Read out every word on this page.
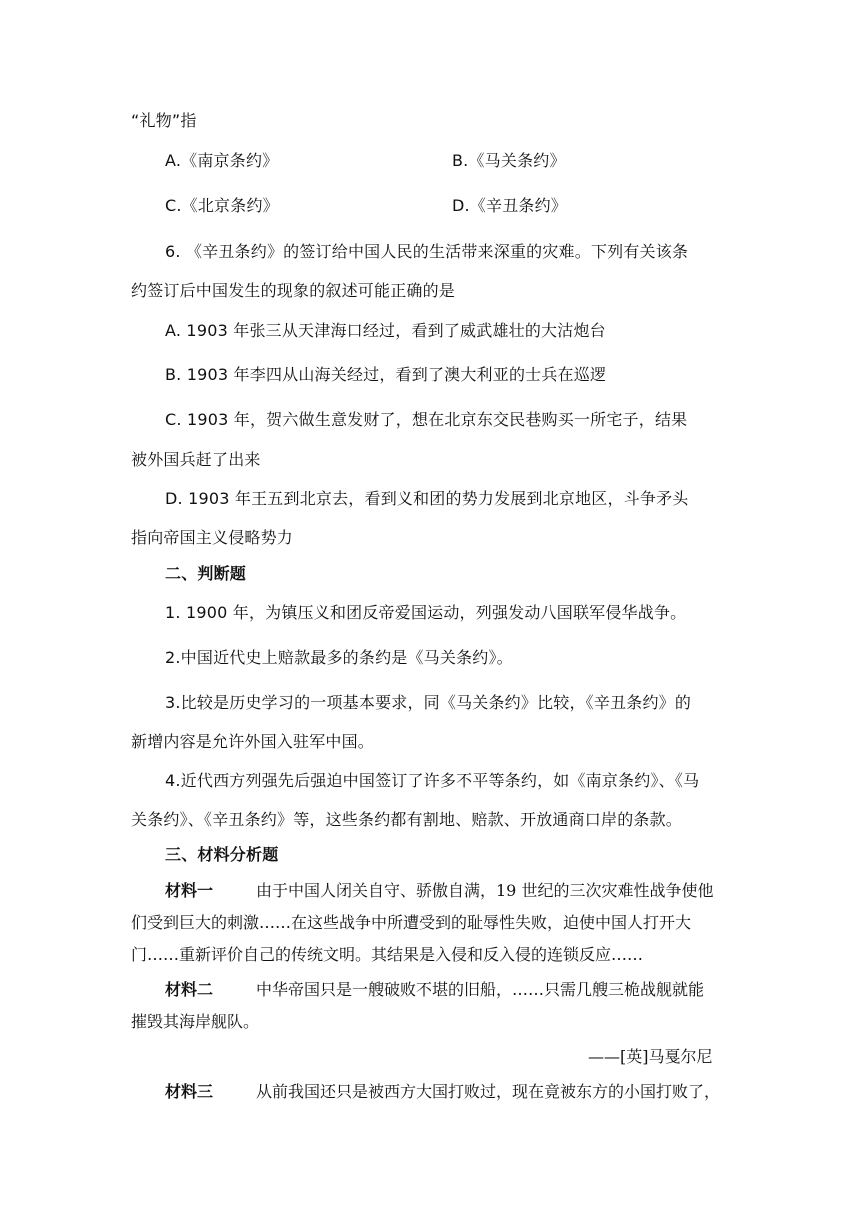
“礼物”指
A.《南京条约》	B.《马关条约》
C.《北京条约》	D.《辛丑条约》
6. 《辛丑条约》的签订给中国人民的生活带来深重的灾难。下列有关该条
约签订后中国发生的现象的叙述可能正确的是
A. 1903 年张三从天津海口经过，看到了威武雄壮的大沽炮台
B. 1903 年李四从山海关经过，看到了澳大利亚的士兵在巡逻
C. 1903 年，贺六做生意发财了，想在北京东交民巷购买一所宅子，结果
被外国兵赶了出来
D. 1903 年王五到北京去，看到义和团的势力发展到北京地区，斗争矛头
指向帝国主义侵略势力
二、判断题
1. 1900 年，为镇压义和团反帝爱国运动，列强发动八国联军侵华战争。
2.中国近代史上赔款最多的条约是《马关条约》。
3.比较是历史学习的一项基本要求，同《马关条约》比较，《辛丑条约》的
新增内容是允许外国入驻军中国。
4.近代西方列强先后强迫中国签订了许多不平等条约，如《南京条约》、《马
关条约》、《辛丑条约》等，这些条约都有割地、赔款、开放通商口岸的条款。
三、材料分析题
材料一	由于中国人闭关自守、骄傲自满，19 世纪的三次灾难性战争使他
们受到巨大的刺激……在这些战争中所遭受到的耻辱性失败，迫使中国人打开大
门……重新评价自己的传统文明。其结果是入侵和反入侵的连锁反应……
材料二	中华帝国只是一艘破败不堪的旧船，……只需几艘三桅战舰就能
摧毁其海岸舰队。
——[英]马戛尔尼
材料三	从前我国还只是被西方大国打败过，现在竟被东方的小国打败了，
